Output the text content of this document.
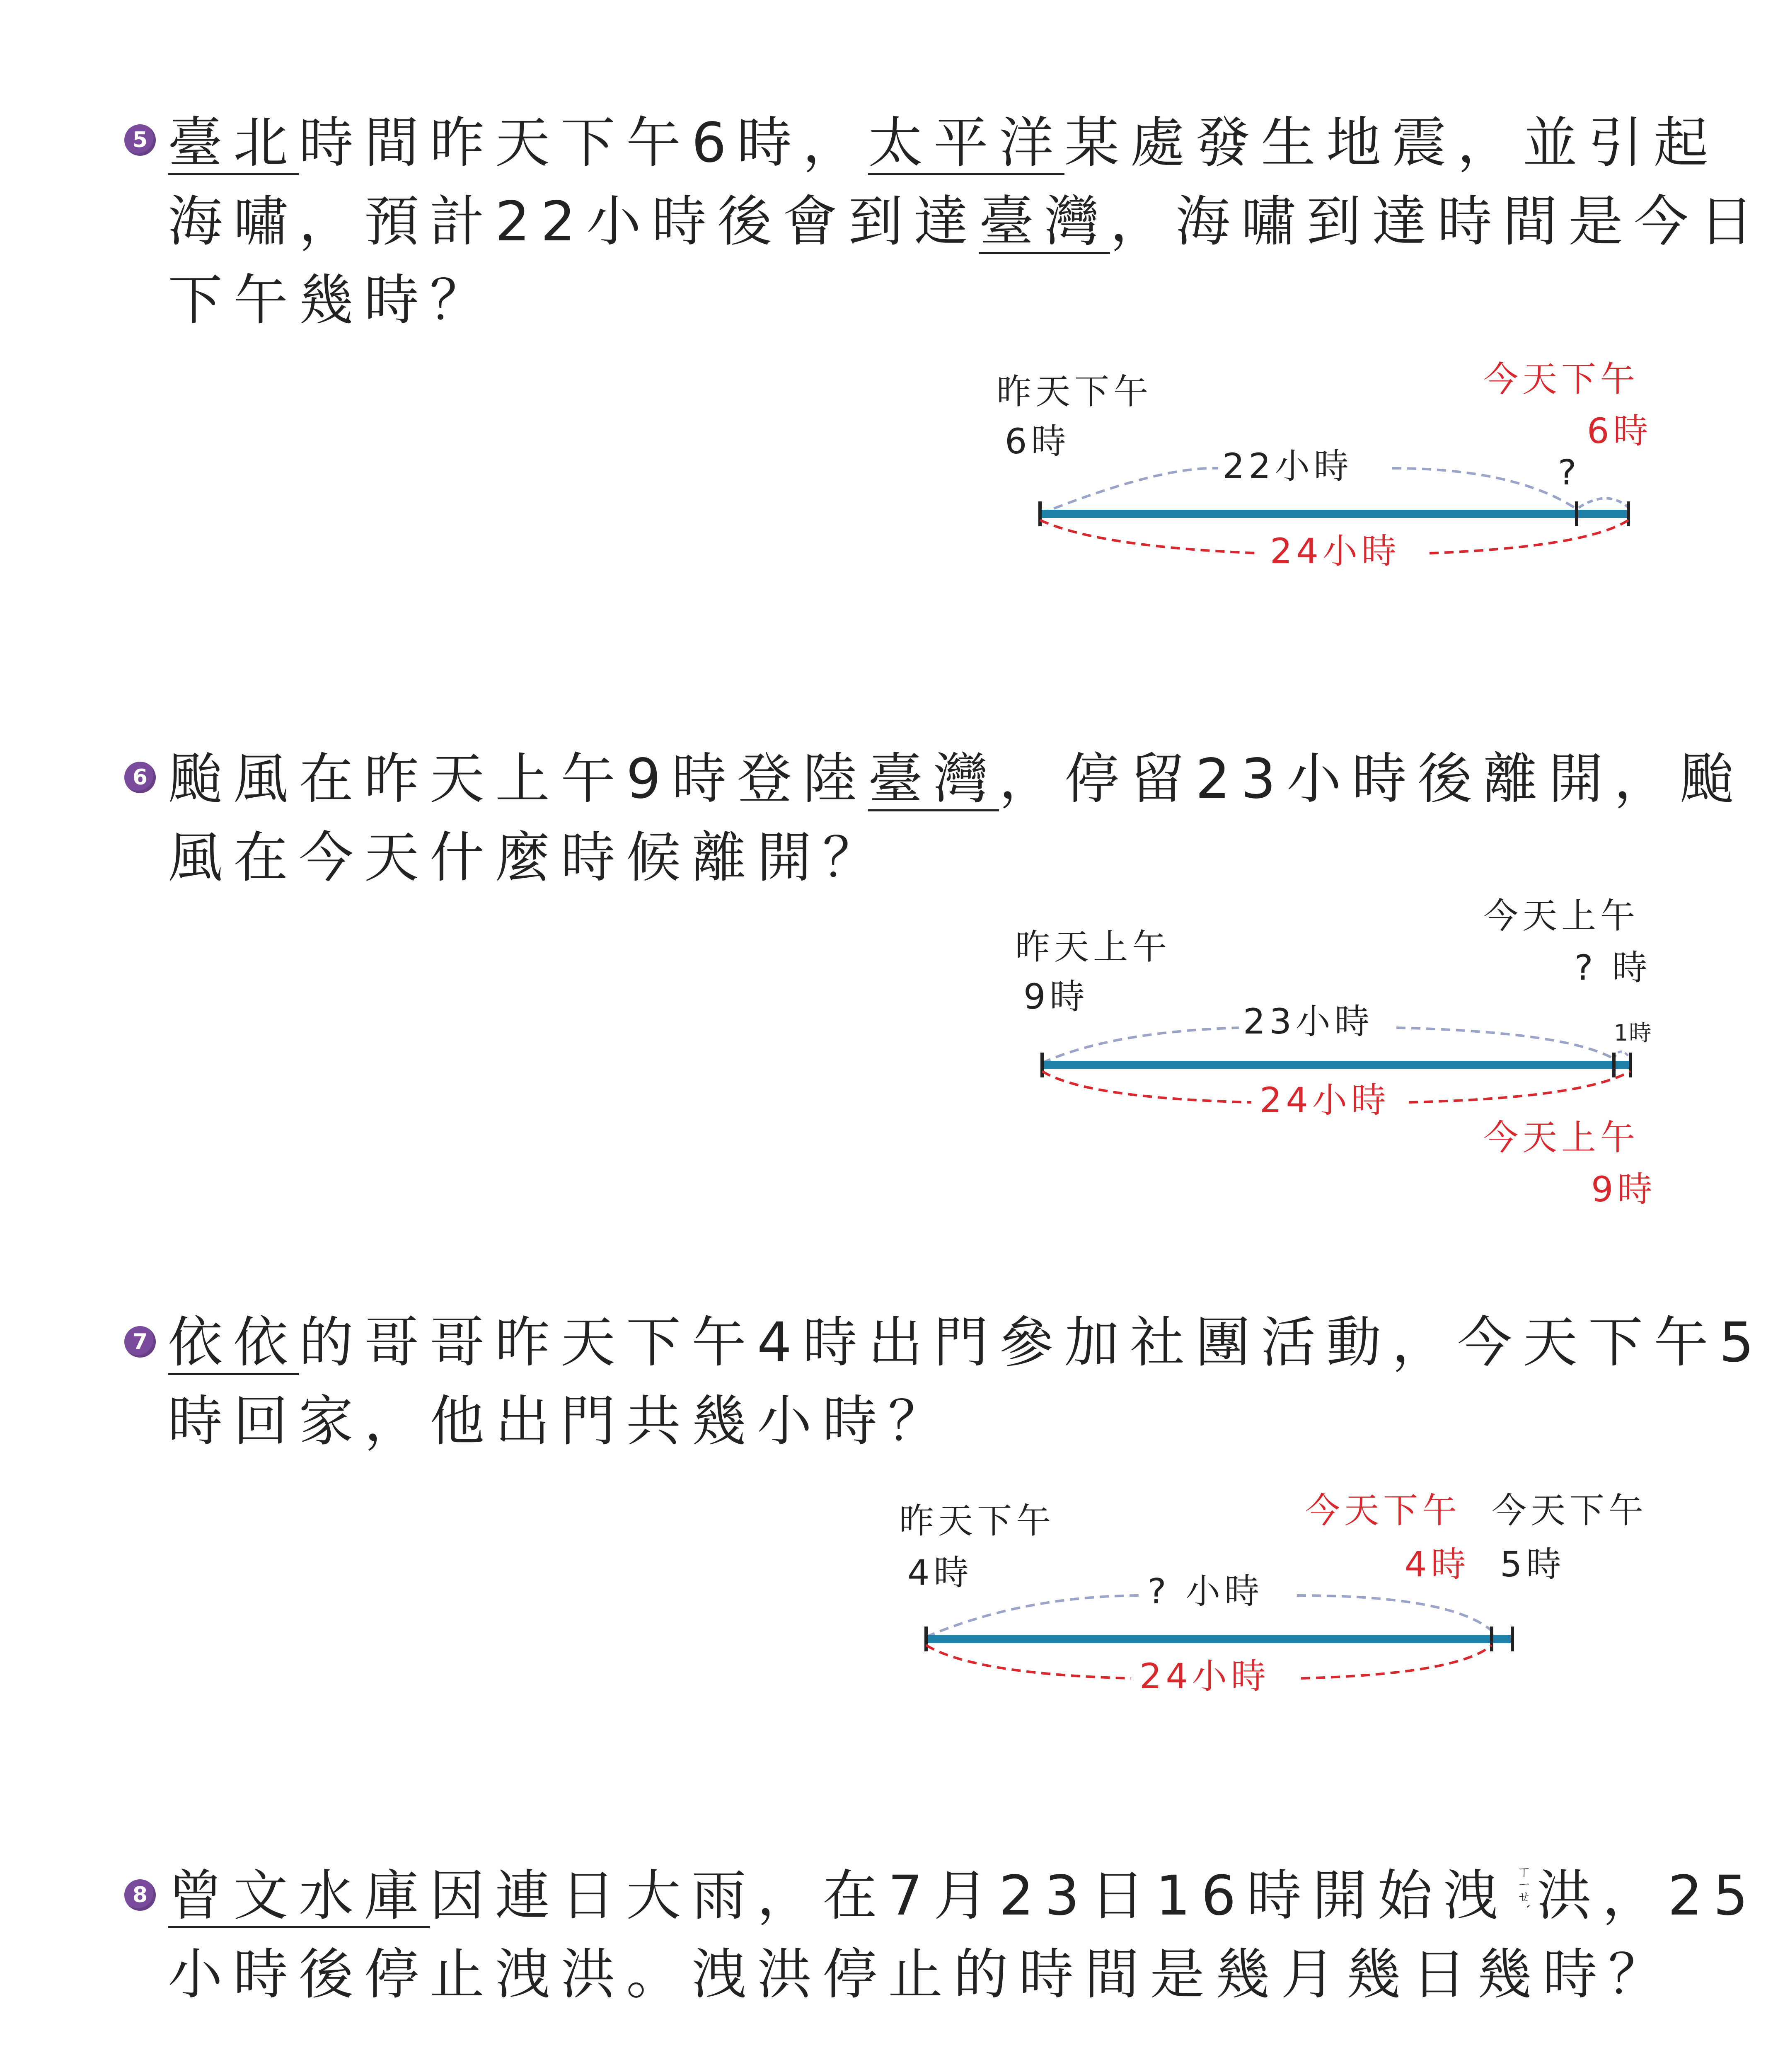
5 臺北時間昨天下午6時，太平洋某處發生地震，並引起
海嘯，預計22小時後會到達臺灣，海嘯到達時間是今日
下午幾時？
昨天下午
6時
今天下午
6時
22小時	?
24小時
6 颱風在昨天上午9時登陸臺灣，停留23小時後離開，颱
風在今天什麼時候離開？
昨天上午
9時
今天上午
? 時
1時
23小時
24小時
今天上午
9時
7 依依的哥哥昨天下午4時出門參加社團活動，今天下午5
時回家，他出門共幾小時？
昨天下午
4時
今天下午
4時
今天下午
5時
? 小時
24小時
8 曾文水庫因連日大雨，在7月23日16時開始洩 ㄒㄧㄝˋ 洪，25
小時後停止洩洪。洩洪停止的時間是幾月幾日幾時？
